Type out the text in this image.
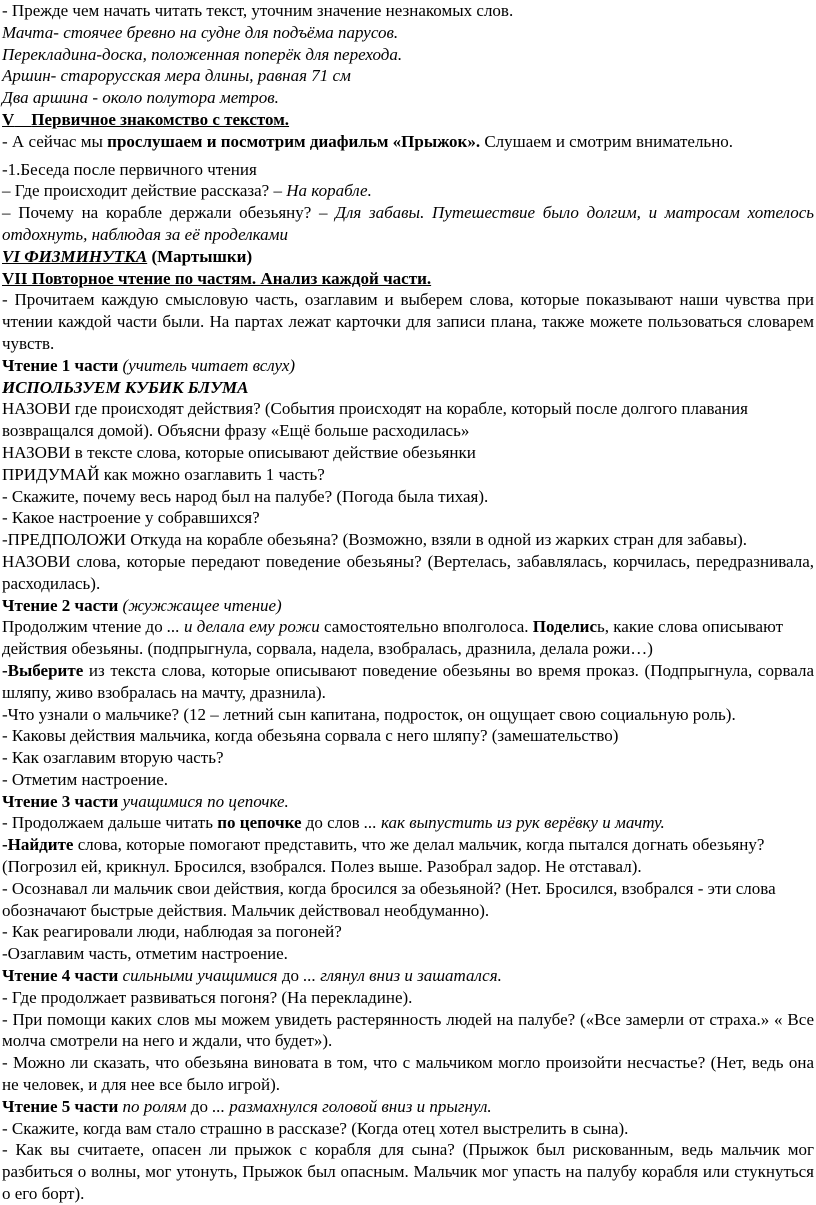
- Прежде чем начать читать текст, уточним значение незнакомых слов.

Мачта- стоячее бревно на судне для подъёма парусов.

Перекладина-доска, положенная поперёк для перехода.

Аршин- старорусская мера длины, равная 71 см

Два аршина - около полутора метров.

V Первичное знакомство с текстом.

- А сейчас мы прослушаем и посмотрим диафильм «Прыжок». Слушаем и смотрим внимательно.

-1.Беседа после первичного чтения

– Где происходит действие рассказа? – На корабле.

– Почему на корабле держали обезьяну? – Для забавы. Путешествие было долгим, и матросам хотелось отдохнуть, наблюдая за её проделками

VI ФИЗМИНУТКА (Мартышки)

VII Повторное чтение по частям. Анализ каждой части.

- Прочитаем каждую смысловую часть, озаглавим и выберем слова, которые показывают наши чувства при чтении каждой части были. На партах лежат карточки для записи плана, также можете пользоваться словарем чувств.

Чтение 1 части (учитель читает вслух)

ИСПОЛЬЗУЕМ КУБИК БЛУМА

НАЗОВИ где происходят действия? (События происходят на корабле, который после долгого плавания возвращался домой). Объясни фразу «Ещё больше расходилась»

НАЗОВИ в тексте слова, которые описывают действие обезьянки

ПРИДУМАЙ как можно озаглавить 1 часть?

- Скажите, почему весь народ был на палубе? (Погода была тихая).

- Какое настроение у собравшихся?

-ПРЕДПОЛОЖИ Откуда на корабле обезьяна? (Возможно, взяли в одной из жарких стран для забавы).

НАЗОВИ слова, которые передают поведение обезьяны? (Вертелась, забавлялась, корчилась, передразнивала, расходилась).

Чтение 2 части (жужжащее чтение)

Продолжим чтение до ... и делала ему рожи самостоятельно вполголоса. Поделись, какие слова описывают действия обезьяны. (подпрыгнула, сорвала, надела, взобралась, дразнила, делала рожи…)

-Выберите из текста слова, которые описывают поведение обезьяны во время проказ. (Подпрыгнула, сорвала шляпу, живо взобралась на мачту, дразнила).

-Что узнали о мальчике? (12 – летний сын капитана, подросток, он ощущает свою социальную роль).

- Каковы действия мальчика, когда обезьяна сорвала с него шляпу? (замешательство)

- Как озаглавим вторую часть?

- Отметим настроение.

Чтение 3 части учащимися по цепочке.

- Продолжаем дальше читать по цепочке до слов ... как выпустить из рук верёвку и мачту.

-Найдите слова, которые помогают представить, что же делал мальчик, когда пытался догнать обезьяну? (Погрозил ей, крикнул. Бросился, взобрался. Полез выше. Разобрал задор. Не отставал).

- Осознавал ли мальчик свои действия, когда бросился за обезьяной? (Нет. Бросился, взобрался - эти слова обозначают быстрые действия. Мальчик действовал необдуманно).

- Как реагировали люди, наблюдая за погоней?

-Озаглавим часть, отметим настроение.

Чтение 4 части сильными учащимися до ... глянул вниз и зашатался.

- Где продолжает развиваться погоня? (На перекладине).

- При помощи каких слов мы можем увидеть растерянность людей на палубе? («Все замерли от страха.» « Все молча смотрели на него и ждали, что будет»).

- Можно ли сказать, что обезьяна виновата в том, что с мальчиком могло произойти несчастье? (Нет, ведь она не человек, и для нее все было игрой).

Чтение 5 части по ролям до ... размахнулся головой вниз и прыгнул.

- Скажите, когда вам стало страшно в рассказе? (Когда отец хотел выстрелить в сына).

- Как вы считаете, опасен ли прыжок с корабля для сына? (Прыжок был рискованным, ведь мальчик мог разбиться о волны, мог утонуть, Прыжок был опасным. Мальчик мог упасть на палубу корабля или стукнуться о его борт).
